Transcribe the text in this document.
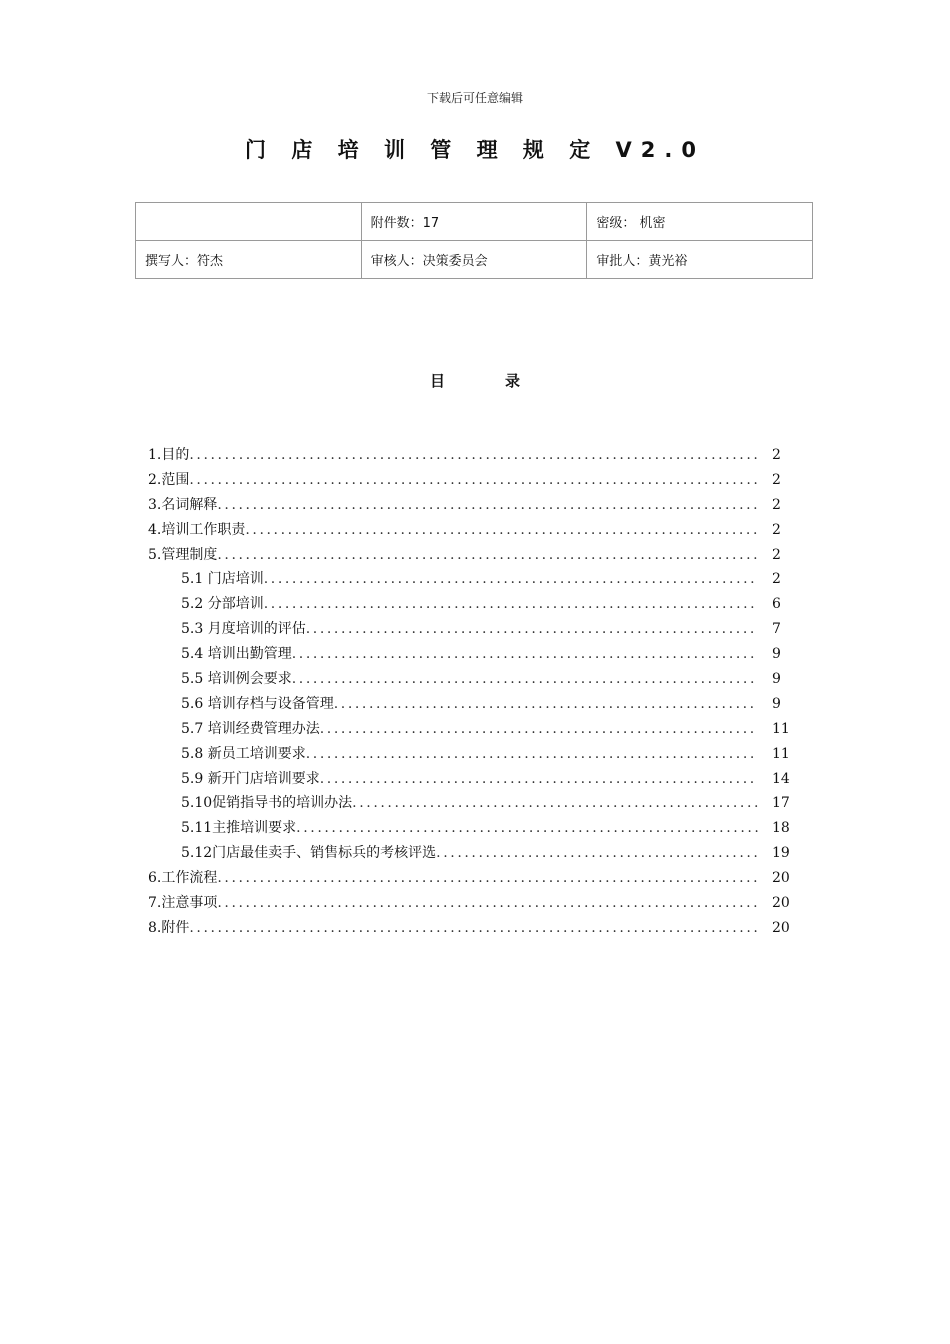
下载后可任意编辑
门 店 培 训 管 理 规 定 V2.0
	附件数：17	密级： 机密
撰写人：符杰	审核人：决策委员会	审批人：黄光裕
目	录
1.目的 .....	2
2.范围 .....	2
3.名词解释 .....	2
4.培训工作职责 .....	2
5.管理制度 .....	2
5.1 门店培训 .....	2
5.2 分部培训 .....	6
5.3 月度培训的评估 .....	7
5.4 培训出勤管理 .....	9
5.5 培训例会要求 .....	9
5.6 培训存档与设备管理 .....	9
5.7 培训经费管理办法 .....	11
5.8 新员工培训要求 .....	11
5.9 新开门店培训要求 .....	14
5.10促销指导书的培训办法 .....	17
5.11主推培训要求 .....	18
5.12门店最佳卖手、销售标兵的考核评选 .....	19
6.工作流程 .....	20
7.注意事项 .....	20
8.附件 .....	20
